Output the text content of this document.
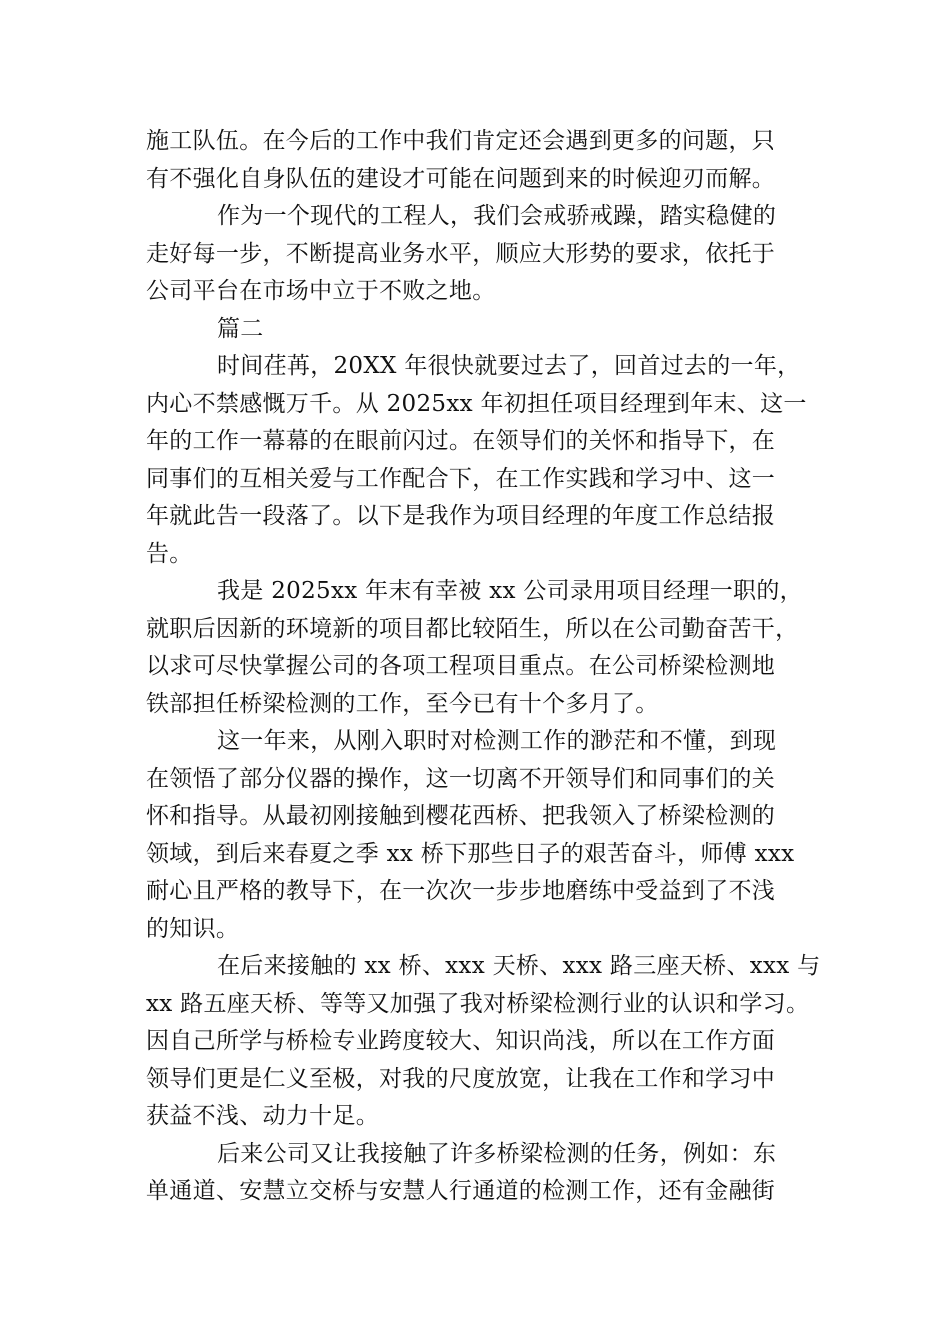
施工队伍。在今后的工作中我们肯定还会遇到更多的问题，只
有不强化自身队伍的建设才可能在问题到来的时候迎刃而解。
作为一个现代的工程人，我们会戒骄戒躁，踏实稳健的
走好每一步，不断提高业务水平，顺应大形势的要求，依托于
公司平台在市场中立于不败之地。
篇二
时间荏苒，20XX 年很快就要过去了，回首过去的一年，
内心不禁感慨万千。从 2025xx 年初担任项目经理到年末、这一
年的工作一幕幕的在眼前闪过。在领导们的关怀和指导下，在
同事们的互相关爱与工作配合下，在工作实践和学习中、这一
年就此告一段落了。以下是我作为项目经理的年度工作总结报
告。
我是 2025xx 年末有幸被 xx 公司录用项目经理一职的，
就职后因新的环境新的项目都比较陌生，所以在公司勤奋苦干，
以求可尽快掌握公司的各项工程项目重点。在公司桥梁检测地
铁部担任桥梁检测的工作，至今已有十个多月了。
这一年来，从刚入职时对检测工作的渺茫和不懂，到现
在领悟了部分仪器的操作，这一切离不开领导们和同事们的关
怀和指导。从最初刚接触到樱花西桥、把我领入了桥梁检测的
领域，到后来春夏之季 xx 桥下那些日子的艰苦奋斗，师傅 xxx
耐心且严格的教导下，在一次次一步步地磨练中受益到了不浅
的知识。
在后来接触的 xx 桥、xxx 天桥、xxx 路三座天桥、xxx 与
xx 路五座天桥、等等又加强了我对桥梁检测行业的认识和学习。
因自己所学与桥检专业跨度较大、知识尚浅，所以在工作方面
领导们更是仁义至极，对我的尺度放宽，让我在工作和学习中
获益不浅、动力十足。
后来公司又让我接触了许多桥梁检测的任务，例如：东
单通道、安慧立交桥与安慧人行通道的检测工作，还有金融街
